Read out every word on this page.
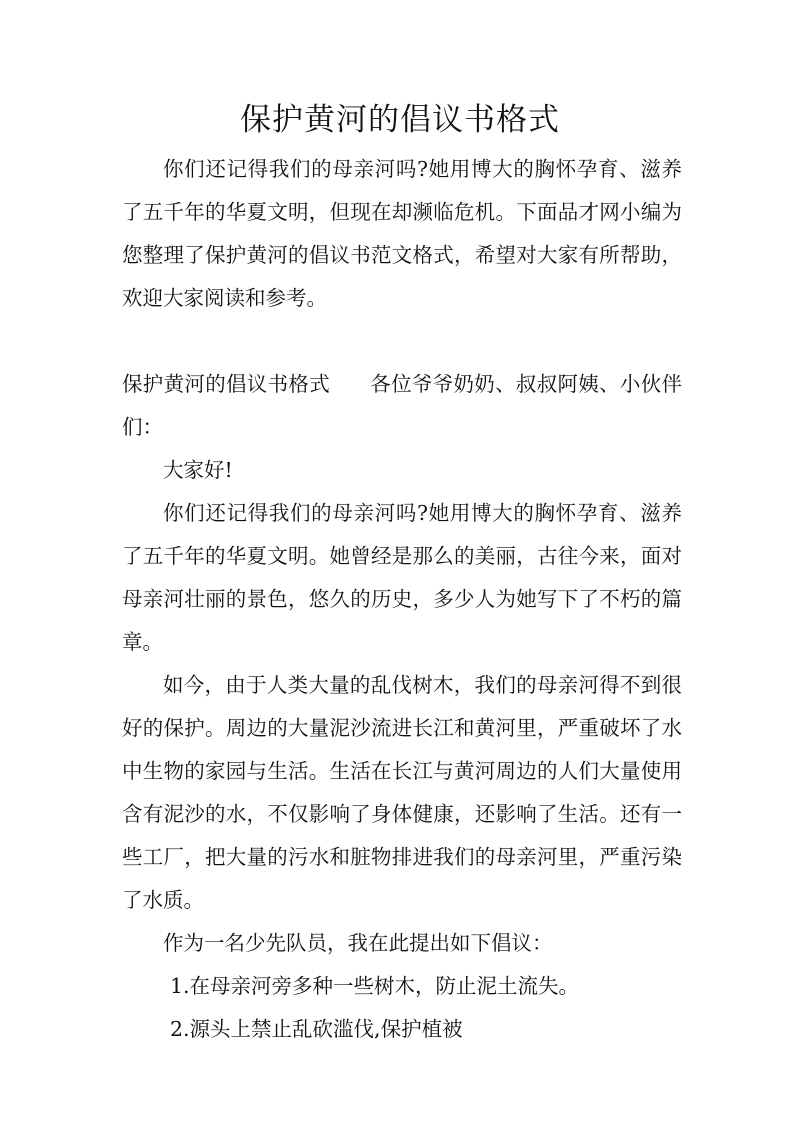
保护黄河的倡议书格式

你们还记得我们的母亲河吗?她用博大的胸怀孕育、滋养了五千年的华夏文明，但现在却濒临危机。下面品才网小编为您整理了保护黄河的倡议书范文格式，希望对大家有所帮助，欢迎大家阅读和参考。

保护黄河的倡议书格式 各位爷爷奶奶、叔叔阿姨、小伙伴们：

大家好!

你们还记得我们的母亲河吗?她用博大的胸怀孕育、滋养了五千年的华夏文明。她曾经是那么的美丽，古往今来，面对母亲河壮丽的景色，悠久的历史，多少人为她写下了不朽的篇章。

如今，由于人类大量的乱伐树木，我们的母亲河得不到很好的保护。周边的大量泥沙流进长江和黄河里，严重破坏了水中生物的家园与生活。生活在长江与黄河周边的人们大量使用含有泥沙的水，不仅影响了身体健康，还影响了生活。还有一些工厂，把大量的污水和脏物排进我们的母亲河里，严重污染了水质。

作为一名少先队员，我在此提出如下倡议：

1.在母亲河旁多种一些树木，防止泥土流失。

2.源头上禁止乱砍滥伐,保护植被
